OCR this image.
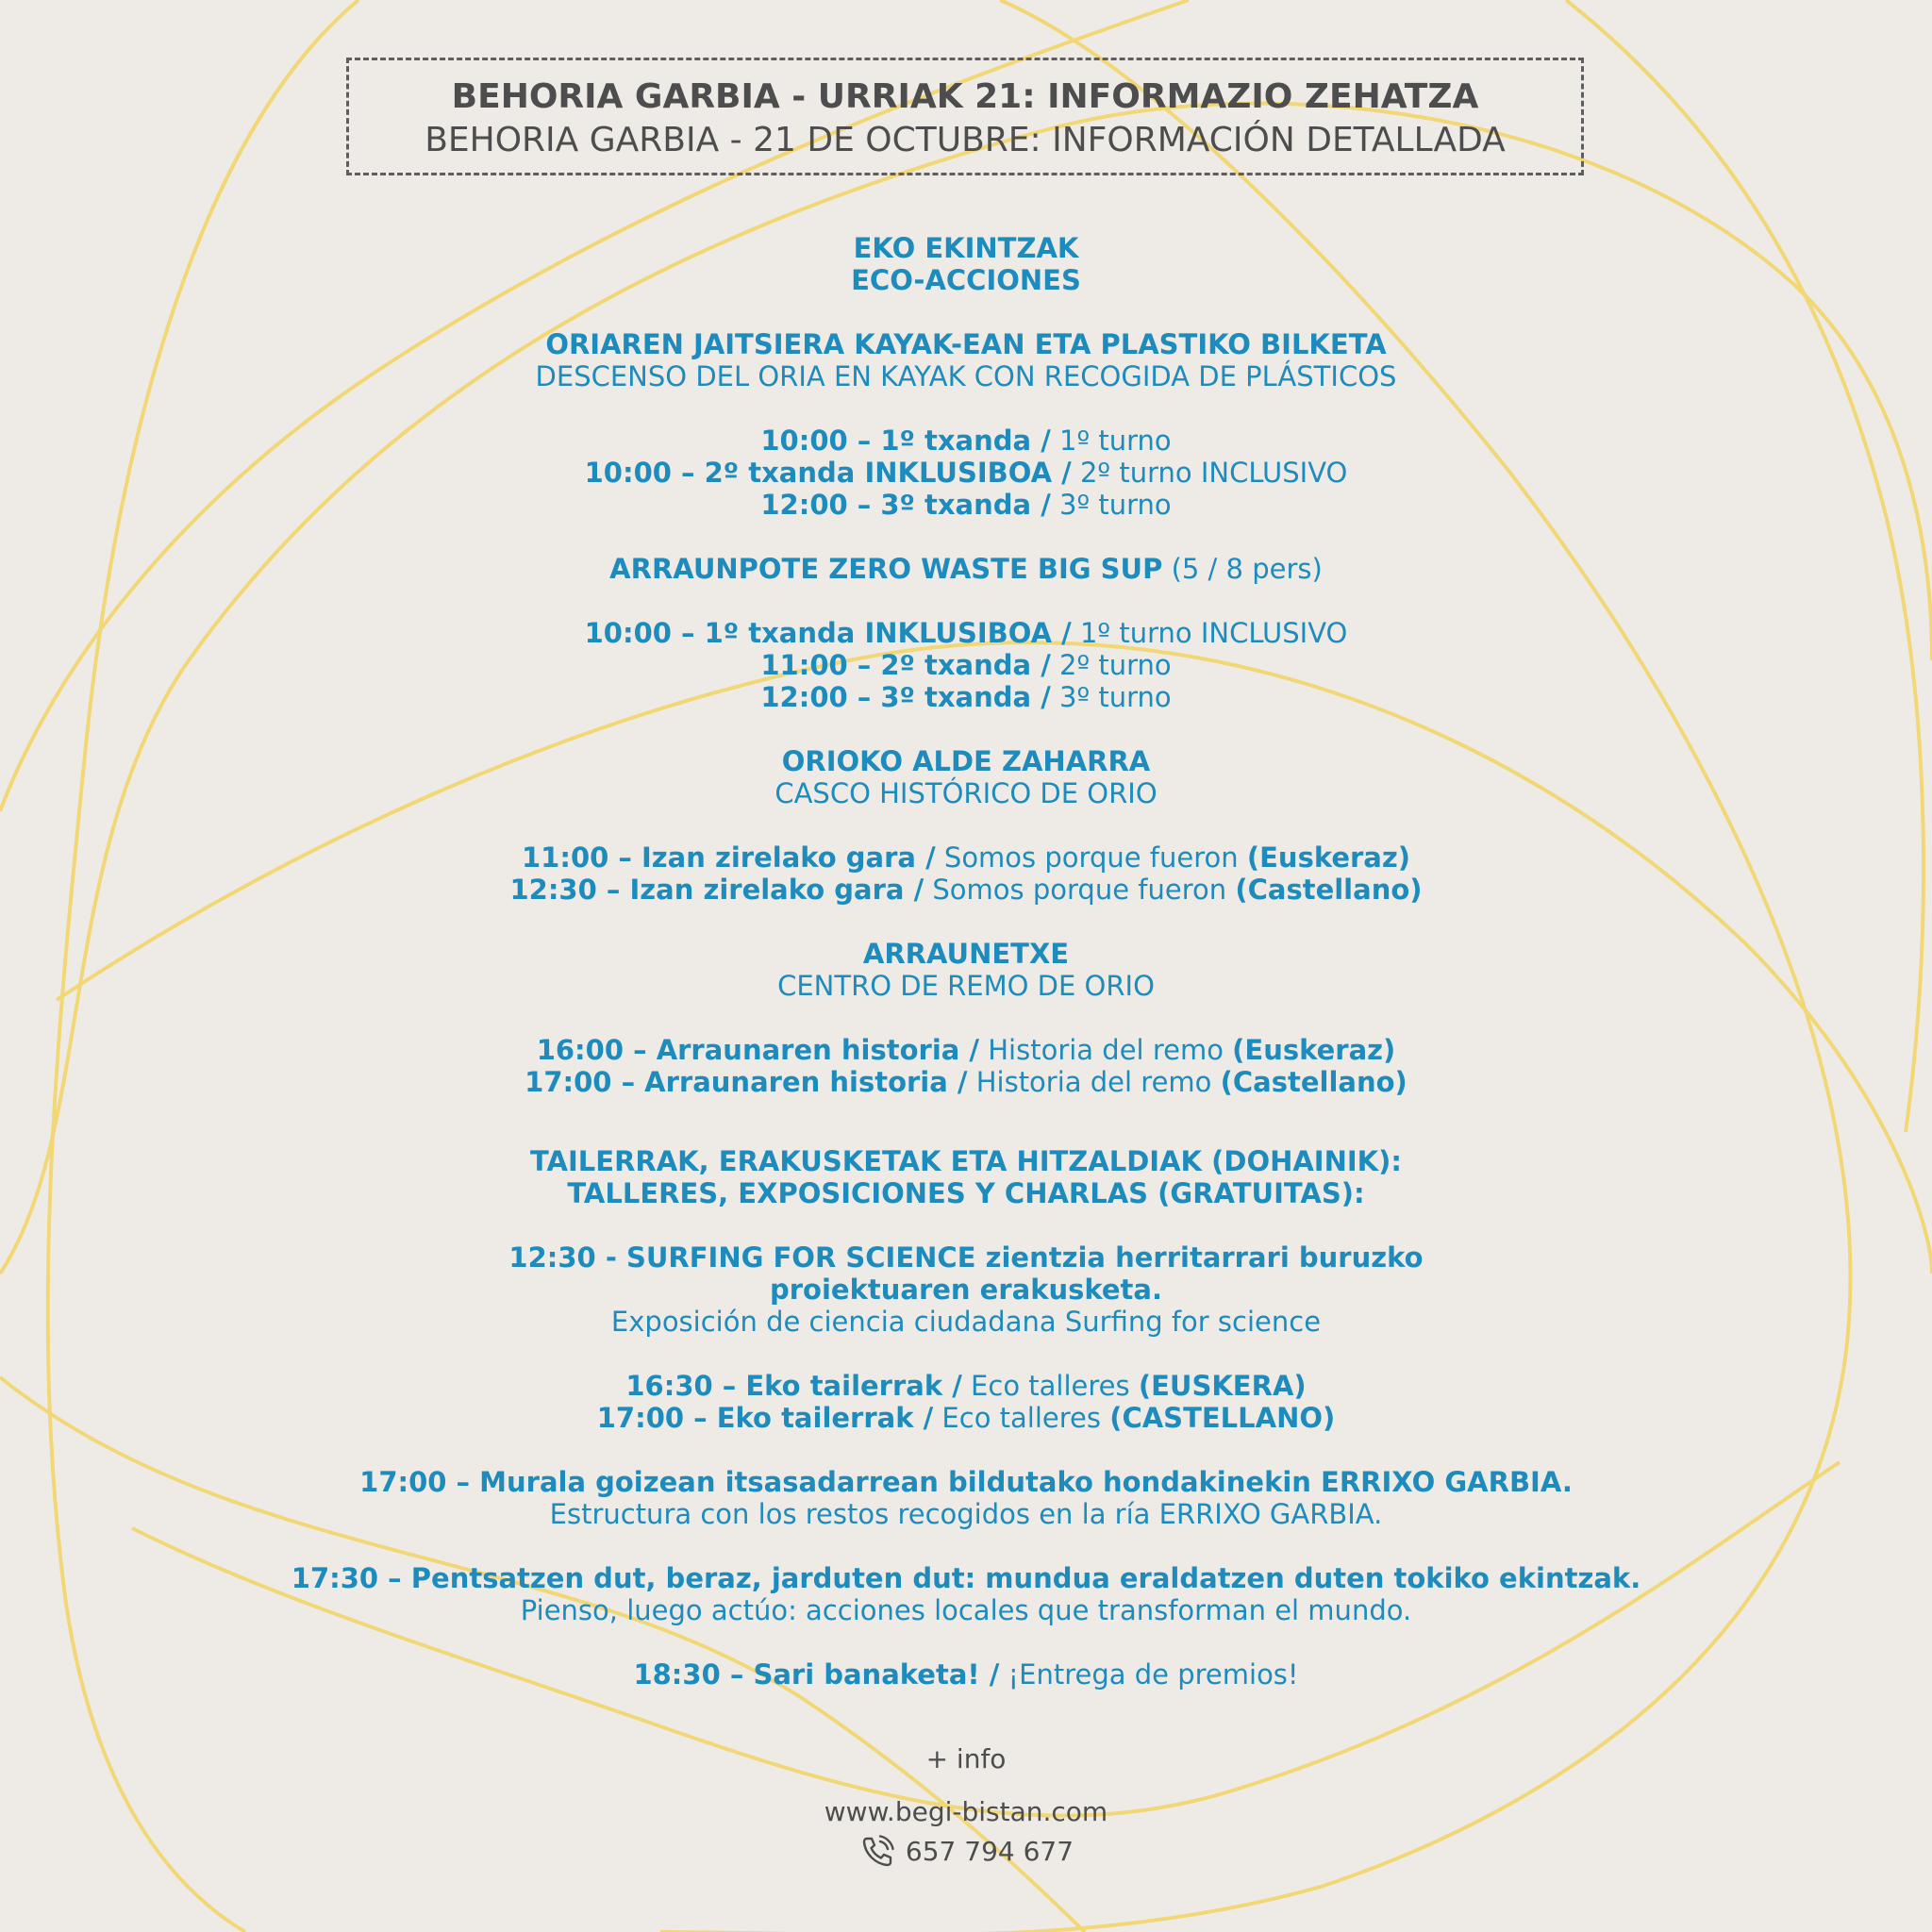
BEHORIA GARBIA - URRIAK 21: INFORMAZIO ZEHATZA
BEHORIA GARBIA - 21 DE OCTUBRE: INFORMACIÓN DETALLADA

EKO EKINTZAK

ECO-ACCIONES

ORIAREN JAITSIERA KAYAK-EAN ETA PLASTIKO BILKETA

DESCENSO DEL ORIA EN KAYAK CON RECOGIDA DE PLÁSTICOS

10:00 – 1º txanda / 1º turno

10:00 – 2º txanda INKLUSIBOA / 2º turno INCLUSIVO

12:00 – 3º txanda / 3º turno

ARRAUNPOTE ZERO WASTE BIG SUP (5 / 8 pers)

10:00 – 1º txanda INKLUSIBOA / 1º turno INCLUSIVO

11:00 – 2º txanda / 2º turno

12:00 – 3º txanda / 3º turno

ORIOKO ALDE ZAHARRA

CASCO HISTÓRICO DE ORIO

11:00 – Izan zirelako gara / Somos porque fueron (Euskeraz)

12:30 – Izan zirelako gara / Somos porque fueron (Castellano)

ARRAUNETXE

CENTRO DE REMO DE ORIO

16:00 – Arraunaren historia / Historia del remo (Euskeraz)

17:00 – Arraunaren historia / Historia del remo (Castellano)

TAILERRAK, ERAKUSKETAK ETA HITZALDIAK (DOHAINIK):

TALLERES, EXPOSICIONES Y CHARLAS (GRATUITAS):

12:30 - SURFING FOR SCIENCE zientzia herritarrari buruzko

proiektuaren erakusketa.

Exposición de ciencia ciudadana Surfing for science

16:30 – Eko tailerrak / Eco talleres (EUSKERA)

17:00 – Eko tailerrak / Eco talleres (CASTELLANO)

17:00 – Murala goizean itsasadarrean bildutako hondakinekin ERRIXO GARBIA.

Estructura con los restos recogidos en la ría ERRIXO GARBIA.

17:30 – Pentsatzen dut, beraz, jarduten dut: mundua eraldatzen duten tokiko ekintzak.

Pienso, luego actúo: acciones locales que transforman el mundo.

18:30 – Sari banaketa! / ¡Entrega de premios!

+ info
www.begi-bistan.com
657 794 677
